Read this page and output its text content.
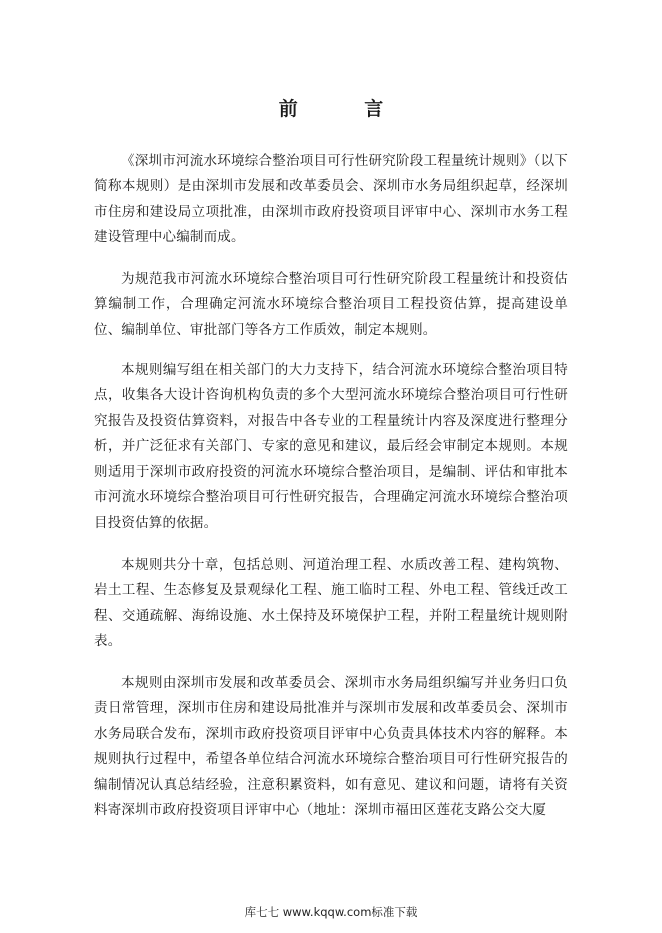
前 言

《深圳市河流水环境综合整治项目可行性研究阶段工程量统计规则》（以下简称本规则）是由深圳市发展和改革委员会、深圳市水务局组织起草，经深圳市住房和建设局立项批准，由深圳市政府投资项目评审中心、深圳市水务工程建设管理中心编制而成。

为规范我市河流水环境综合整治项目可行性研究阶段工程量统计和投资估算编制工作，合理确定河流水环境综合整治项目工程投资估算，提高建设单位、编制单位、审批部门等各方工作质效，制定本规则。

本规则编写组在相关部门的大力支持下，结合河流水环境综合整治项目特点，收集各大设计咨询机构负责的多个大型河流水环境综合整治项目可行性研究报告及投资估算资料，对报告中各专业的工程量统计内容及深度进行整理分析，并广泛征求有关部门、专家的意见和建议，最后经会审制定本规则。本规则适用于深圳市政府投资的河流水环境综合整治项目，是编制、评估和审批本市河流水环境综合整治项目可行性研究报告，合理确定河流水环境综合整治项目投资估算的依据。

本规则共分十章，包括总则、河道治理工程、水质改善工程、建构筑物、岩土工程、生态修复及景观绿化工程、施工临时工程、外电工程、管线迁改工程、交通疏解、海绵设施、水土保持及环境保护工程，并附工程量统计规则附表。

本规则由深圳市发展和改革委员会、深圳市水务局组织编写并业务归口负责日常管理，深圳市住房和建设局批准并与深圳市发展和改革委员会、深圳市水务局联合发布，深圳市政府投资项目评审中心负责具体技术内容的解释。本规则执行过程中，希望各单位结合河流水环境综合整治项目可行性研究报告的编制情况认真总结经验，注意积累资料，如有意见、建议和问题，请将有关资料寄深圳市政府投资项目评审中心（地址：深圳市福田区莲花支路公交大厦

库七七 www.kqqw.com标准下载
